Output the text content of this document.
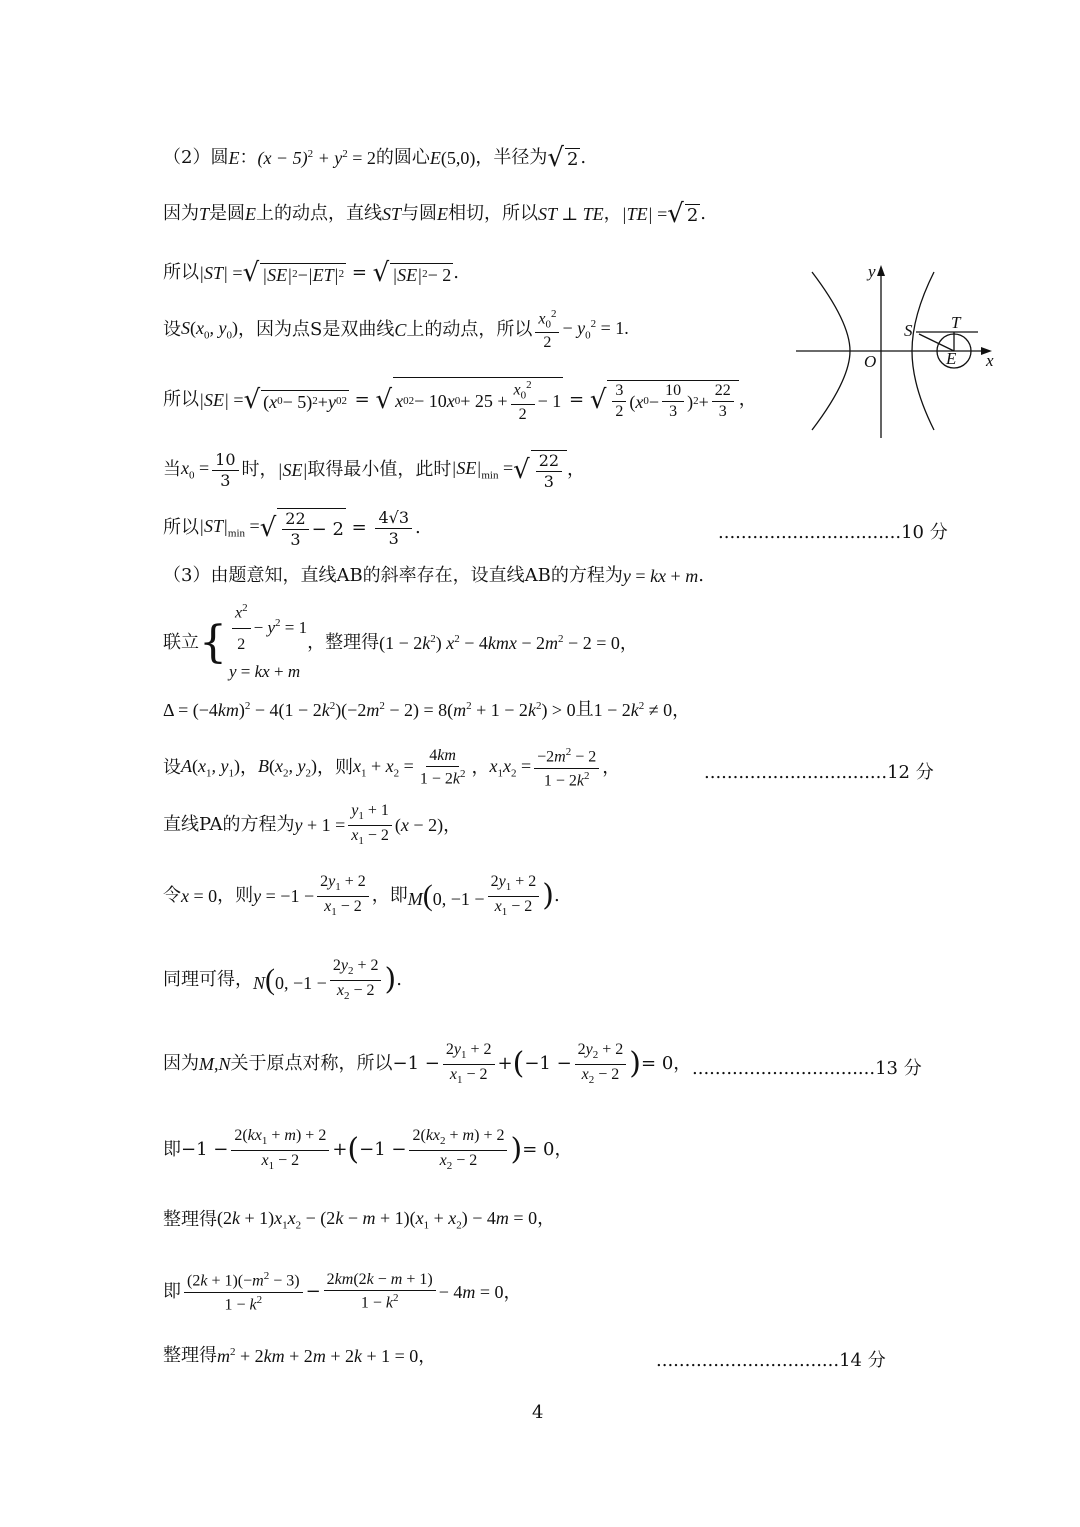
（2）圆 E ： $(x - 5)^2 + y^2 = 2$ 的圆心 E(5,0) ，半径为 √ 2 .
因为 T 是圆 E 上的动点，直线 ST 与圆 E 相切，所以 ST ⊥ TE ， |TE| = √ 2 .
所以 |ST| = √ |SE| 2 − |ET| 2 = √ |SE| 2 − 2 .
设 $S(x_0$, $y_0$) ，因为点S是双曲线 C 上的动点，所以 $\frac{x_0^2}{2} - y_0^2 = 1$.
所以 |SE| = √ ( x 0 − 5) 2 + y 0 2 = √ x 0 2 − 10 x $0 + 25 + \frac{x_0^2}{2} - 1$ = √ $\frac{3}{2}$ ( x $0 - \frac{10}{3}$ ) $2 + \frac{22}{3}$ ，
当 $x_0 = \frac{10}{3}$ 时， |SE| 取得最小值，此时 $|SE|_{min}$ = √ $\frac{22}{3}$ ，
所以 $|ST|_{min}$ = √ $\frac{22}{3} - 2 = \frac{4√3}{3}$ .	................................10 分
（3）由题意知，直线AB的斜率存在，设直线AB的方程为 y = kx + m .
联立 { $\frac{x^2}{2} - y^2 = 1$
y = kx + m
，整理得 $(1 - 2k^2)$ $x^2 - 4kmx - 2m^2 - 2 = 0$，
$\Delta = (-4km)^2 - 4(1 - 2k^2)(-2m^2 - 2) = 8(m^2 + 1 - 2k^2) > 0$ 且 $1 - 2k^2 \ne 0$，
设 $A(x_1$, $y_1$) ， $B(x_2$, $y_2$) ，则 $x_1 + x_2 = \frac{4km}{1 - 2k^2}$ ， $x_1x_2 = \frac{-2m^2 - 2}{1 - 2k^2}$ ，	................................12 分
直线PA的方程为 $y + 1 = \frac{y_1 + 1}{x_1 - 2} (x - 2)$，
令 x = 0 ，则 $y = -1 - \frac{2y_1 + 2}{x_1 - 2}$ ，即 M(0, $-1 - \frac{2y_1 + 2}{x_1 - 2}$ ) .
同理可得， N(0, $-1 - \frac{2y_2 + 2}{x_2 - 2}$ ) .
因为 M,N 关于原点对称，所以 $-1 - \frac{2y_1 + 2}{x_1 - 2}$ + ( $-1 - \frac{2y_2 + 2}{x_2 - 2}$ ) = 0， ................................13 分
即 $-1 - \frac{2(kx_1 + m) + 2}{x_1 - 2}$ + ( $-1 - \frac{2(kx_2 + m) + 2}{x_2 - 2}$ ) = 0，
整理得 $(2k + 1)x_1x_2 - (2k - m + 1)(x_1 + x_2) - 4m = 0$，
即 $\frac{(2k + 1)(-m^2 - 3)}{1 - k^2} - \frac{2km(2k - m + 1)}{1 - k^2} - 4m = 0$，
整理得 $m^2 + 2km + 2m + 2k + 1 = 0$，	................................14 分
4
y
x
O
S T
E
